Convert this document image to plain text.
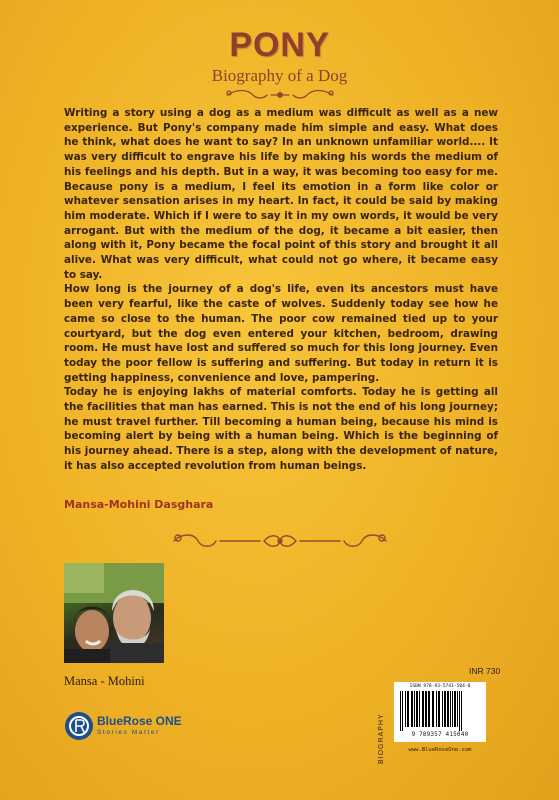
PONY
Biography of a Dog

Writing a story using a dog as a medium was difficult as well as a new experience. But Pony's company made him simple and easy. What does he think, what does he want to say? In an unknown unfamiliar world.... It was very difficult to engrave his life by making his words the medium of his feelings and his depth. But in a way, it was becoming too easy for me. Because pony is a medium, I feel its emotion in a form like color or whatever sensation arises in my heart. In fact, it could be said by making him moderate. Which if I were to say it in my own words, it would be very arrogant. But with the medium of the dog, it became a bit easier, then along with it, Pony became the focal point of this story and brought it all alive. What was very difficult, what could not go where, it became easy to say.

How long is the journey of a dog's life, even its ancestors must have been very fearful, like the caste of wolves. Suddenly today see how he came so close to the human. The poor cow remained tied up to your courtyard, but the dog even entered your kitchen, bedroom, drawing room. He must have lost and suffered so much for this long journey. Even today the poor fellow is suffering and suffering. But today in return it is getting happiness, convenience and love, pampering.

Today he is enjoying lakhs of material comforts. Today he is getting all the facilities that man has earned. This is not the end of his long journey; he must travel further. Till becoming a human being, because his mind is becoming alert by being with a human being. Which is the beginning of his journey ahead. There is a step, along with the development of nature, it has also accepted revolution from human beings.

Mansa-Mohini Dasghara
Mansa - Mohini
BlueRose ONE
Stories Matter
INR 730
BIOGRAPHY
ISBN 978-93-5741-504-0
9 789357 415040
www.BlueRoseOne.com
